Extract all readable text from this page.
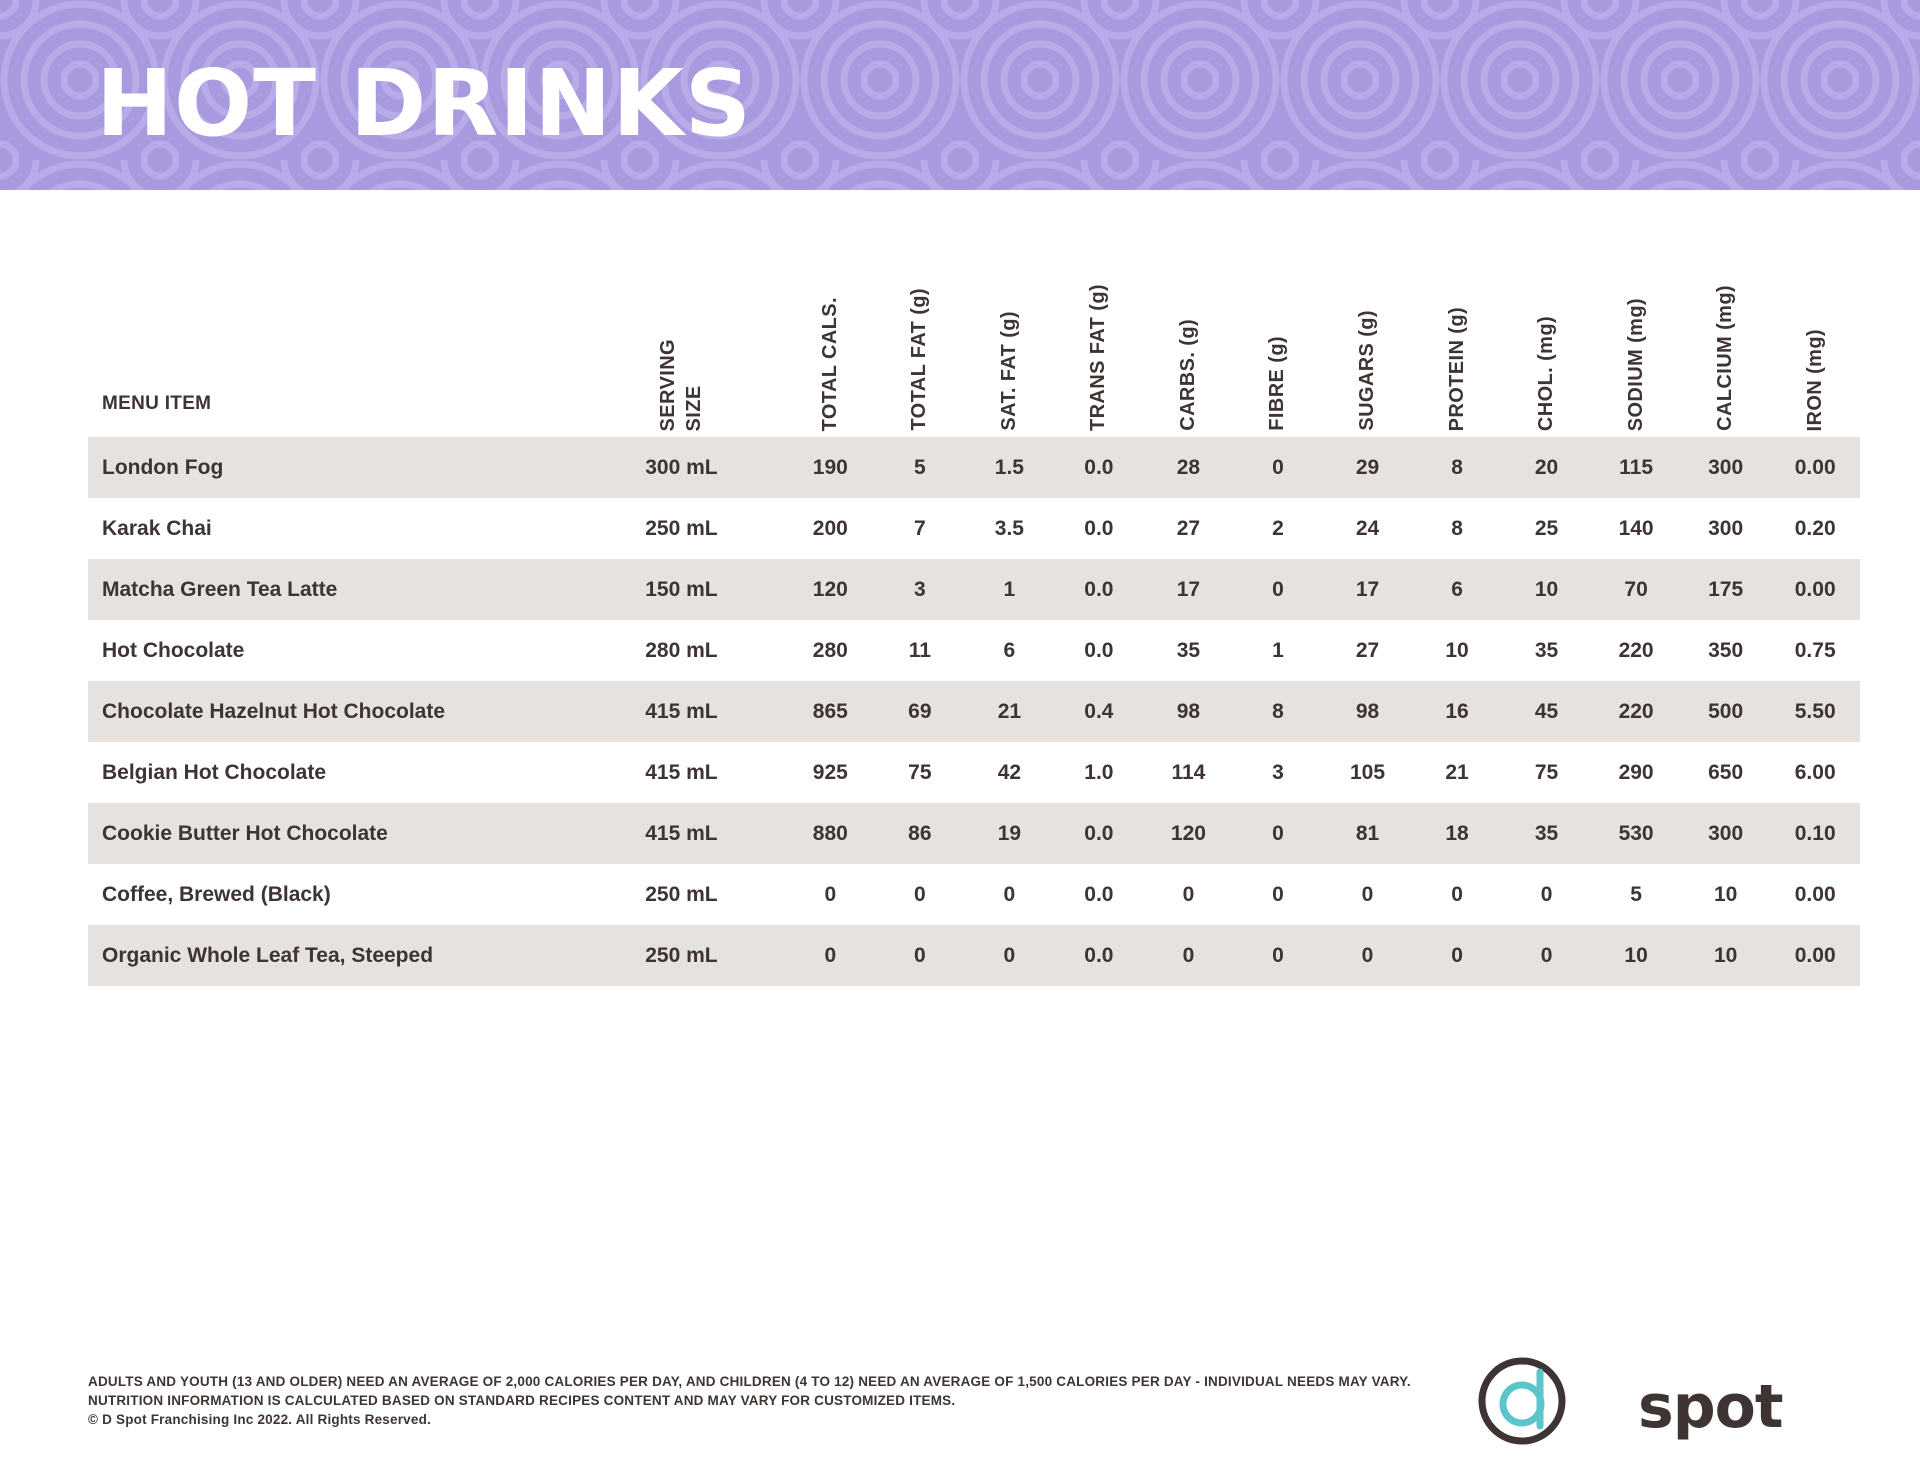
HOT DRINKS
MENU ITEM	SERVING SIZE	TOTAL CALS.	TOTAL FAT (g)	SAT. FAT (g)	TRANS FAT (g)	CARBS. (g)	FIBRE (g)	SUGARS (g)	PROTEIN (g)	CHOL. (mg)	SODIUM (mg)	CALCIUM (mg)	IRON (mg)
London Fog	300 mL	190	5	1.5	0.0	28	0	29	8	20	115	300	0.00
Karak Chai	250 mL	200	7	3.5	0.0	27	2	24	8	25	140	300	0.20
Matcha Green Tea Latte	150 mL	120	3	1	0.0	17	0	17	6	10	70	175	0.00
Hot Chocolate	280 mL	280	11	6	0.0	35	1	27	10	35	220	350	0.75
Chocolate Hazelnut Hot Chocolate	415 mL	865	69	21	0.4	98	8	98	16	45	220	500	5.50
Belgian Hot Chocolate	415 mL	925	75	42	1.0	114	3	105	21	75	290	650	6.00
Cookie Butter Hot Chocolate	415 mL	880	86	19	0.0	120	0	81	18	35	530	300	0.10
Coffee, Brewed (Black)	250 mL	0	0	0	0.0	0	0	0	0	0	5	10	0.00
Organic Whole Leaf Tea, Steeped	250 mL	0	0	0	0.0	0	0	0	0	0	10	10	0.00
ADULTS AND YOUTH (13 AND OLDER) NEED AN AVERAGE OF 2,000 CALORIES PER DAY, AND CHILDREN (4 TO 12) NEED AN AVERAGE OF 1,500 CALORIES PER DAY - INDIVIDUAL NEEDS MAY VARY.
NUTRITION INFORMATION IS CALCULATED BASED ON STANDARD RECIPES CONTENT AND MAY VARY FOR CUSTOMIZED ITEMS.
© D Spot Franchising Inc 2022. All Rights Reserved.	spot
